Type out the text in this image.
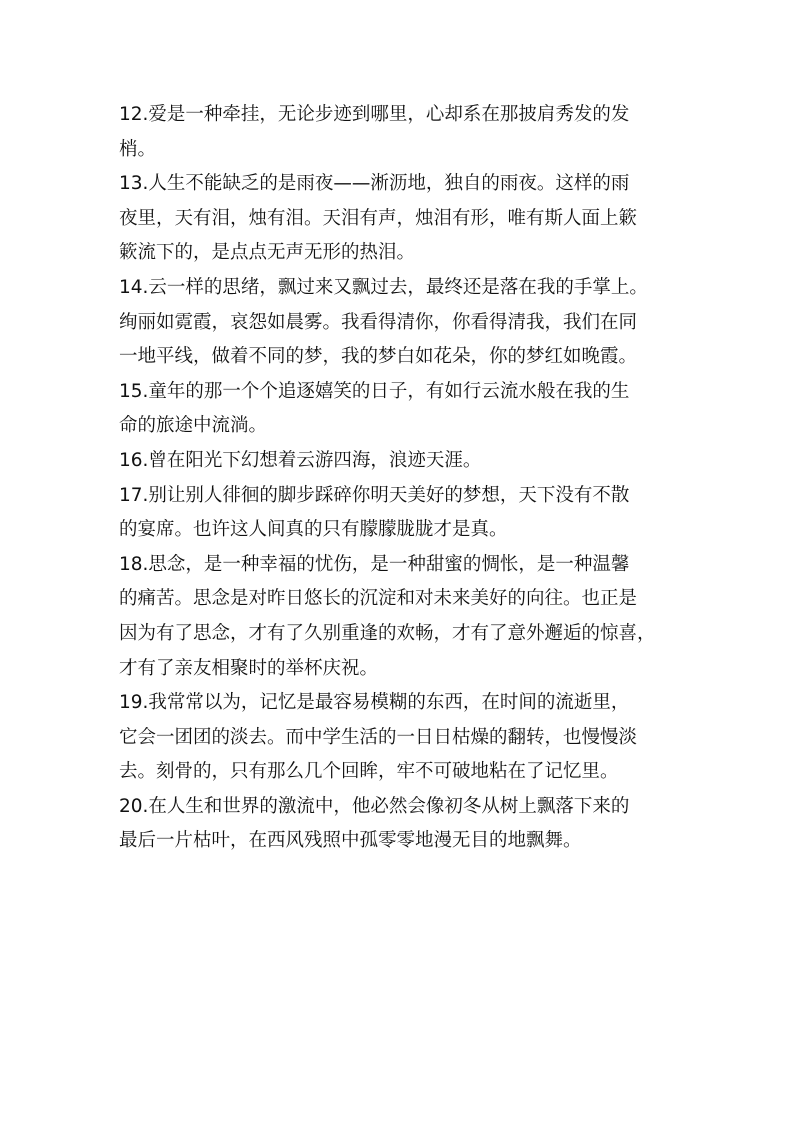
12.爱是一种牵挂，无论步迹到哪里，心却系在那披肩秀发的发

梢。

13.人生不能缺乏的是雨夜——淅沥地，独自的雨夜。这样的雨

夜里，天有泪，烛有泪。天泪有声，烛泪有形，唯有斯人面上簌

簌流下的，是点点无声无形的热泪。

14.云一样的思绪，飘过来又飘过去，最终还是落在我的手掌上。

绚丽如霓霞，哀怨如晨雾。我看得清你，你看得清我，我们在同

一地平线，做着不同的梦，我的梦白如花朵，你的梦红如晚霞。

15.童年的那一个个追逐嬉笑的日子，有如行云流水般在我的生

命的旅途中流淌。

16.曾在阳光下幻想着云游四海，浪迹天涯。

17.别让别人徘徊的脚步踩碎你明天美好的梦想，天下没有不散

的宴席。也许这人间真的只有朦朦胧胧才是真。

18.思念，是一种幸福的忧伤，是一种甜蜜的惆怅，是一种温馨

的痛苦。思念是对昨日悠长的沉淀和对未来美好的向往。也正是

因为有了思念，才有了久别重逢的欢畅，才有了意外邂逅的惊喜，

才有了亲友相聚时的举杯庆祝。

19.我常常以为，记忆是最容易模糊的东西，在时间的流逝里，

它会一团团的淡去。而中学生活的一日日枯燥的翻转，也慢慢淡

去。刻骨的，只有那么几个回眸，牢不可破地粘在了记忆里。

20.在人生和世界的激流中，他必然会像初冬从树上飘落下来的

最后一片枯叶，在西风残照中孤零零地漫无目的地飘舞。
